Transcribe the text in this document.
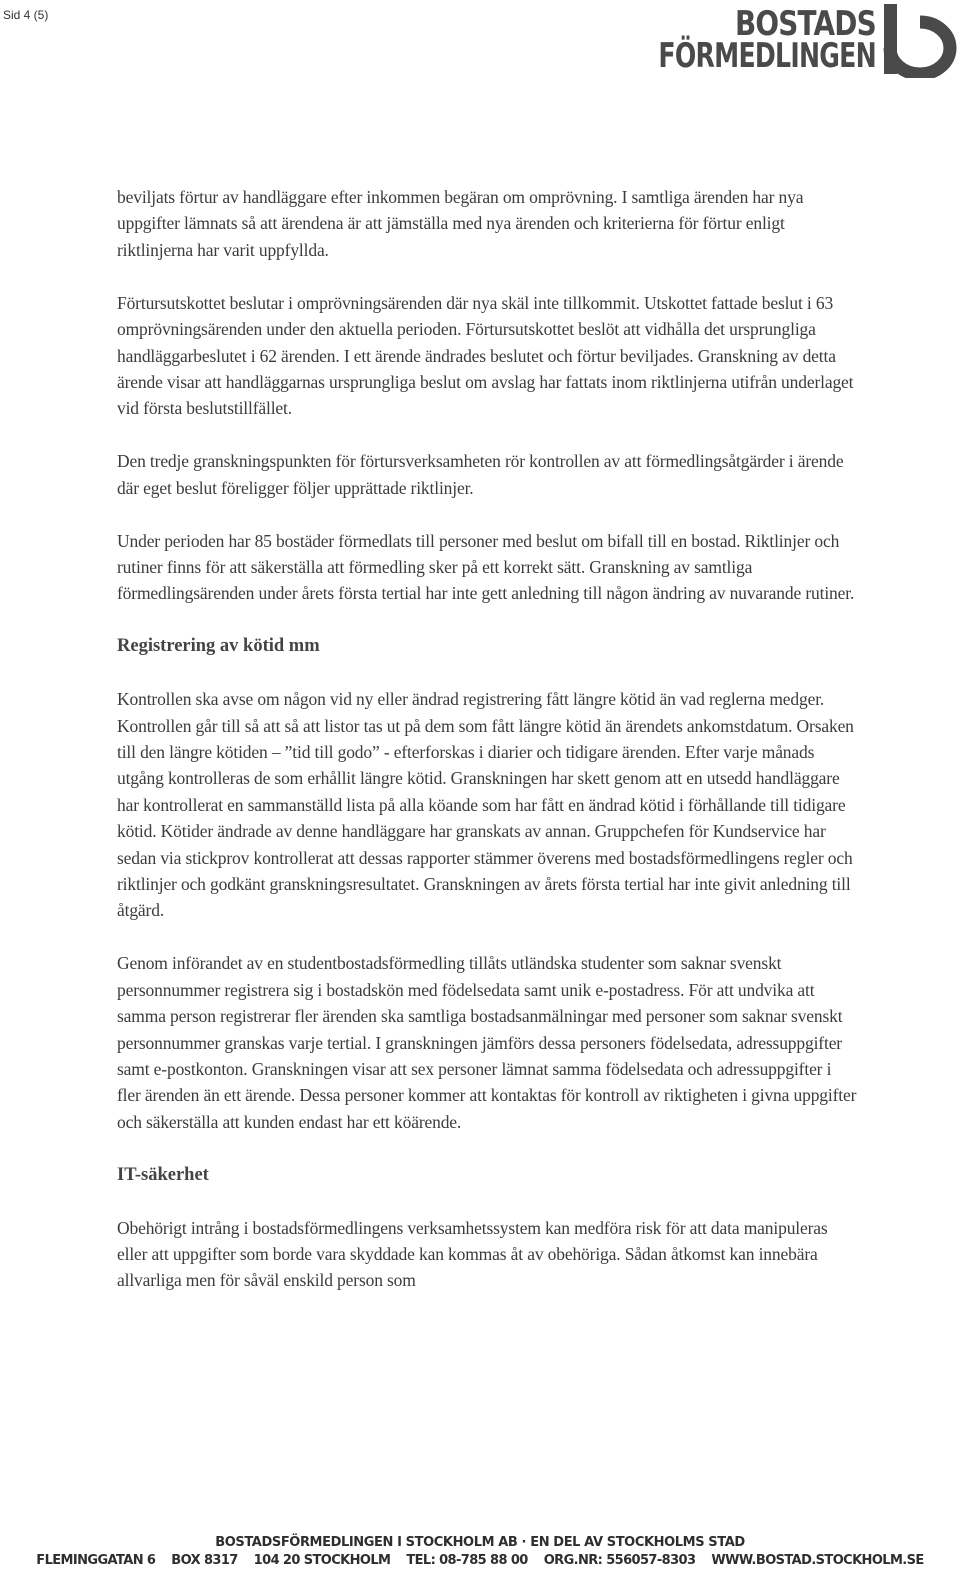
Sid 4 (5)	BOSTADS
FÖRMEDLINGEN

beviljats förtur av handläggare efter inkommen begäran om omprövning. I samtliga ärenden har nya uppgifter lämnats så att ärendena är att jämställa med nya ärenden och kriterierna för förtur enligt riktlinjerna har varit uppfyllda.

Förtursutskottet beslutar i omprövningsärenden där nya skäl inte tillkommit. Utskottet fattade beslut i 63 omprövningsärenden under den aktuella perioden. Förtursutskottet beslöt att vidhålla det ursprungliga handläggarbeslutet i 62 ärenden. I ett ärende ändrades beslutet och förtur beviljades. Granskning av detta ärende visar att handläggarnas ursprungliga beslut om avslag har fattats inom riktlinjerna utifrån underlaget vid första beslutstillfället.

Den tredje granskningspunkten för förtursverksamheten rör kontrollen av att förmedlingsåtgärder i ärende där eget beslut föreligger följer upprättade riktlinjer.

Under perioden har 85 bostäder förmedlats till personer med beslut om bifall till en bostad. Riktlinjer och rutiner finns för att säkerställa att förmedling sker på ett korrekt sätt. Granskning av samtliga förmedlingsärenden under årets första tertial har inte gett anledning till någon ändring av nuvarande rutiner.

Registrering av kötid mm

Kontrollen ska avse om någon vid ny eller ändrad registrering fått längre kötid än vad reglerna medger. Kontrollen går till så att så att listor tas ut på dem som fått längre kötid än ärendets ankomstdatum. Orsaken till den längre kötiden – ”tid till godo” - efterforskas i diarier och tidigare ärenden. Efter varje månads utgång kontrolleras de som erhållit längre kötid. Granskningen har skett genom att en utsedd handläggare har kontrollerat en sammanställd lista på alla köande som har fått en ändrad kötid i förhållande till tidigare kötid. Kötider ändrade av denne handläggare har granskats av annan. Gruppchefen för Kundservice har sedan via stickprov kontrollerat att dessas rapporter stämmer överens med bostadsförmedlingens regler och riktlinjer och godkänt granskningsresultatet. Granskningen av årets första tertial har inte givit anledning till åtgärd.

Genom införandet av en studentbostadsförmedling tillåts utländska studenter som saknar svenskt personnummer registrera sig i bostadskön med födelsedata samt unik e-postadress. För att undvika att samma person registrerar fler ärenden ska samtliga bostadsanmälningar med personer som saknar svenskt personnummer granskas varje tertial. I granskningen jämförs dessa personers födelsedata, adressuppgifter samt e-postkonton. Granskningen visar att sex personer lämnat samma födelsedata och adressuppgifter i fler ärenden än ett ärende. Dessa personer kommer att kontaktas för kontroll av riktigheten i givna uppgifter och säkerställa att kunden endast har ett köärende.

IT-säkerhet

Obehörigt intrång i bostadsförmedlingens verksamhetssystem kan medföra risk för att data manipuleras eller att uppgifter som borde vara skyddade kan kommas åt av obehöriga. Sådan åtkomst kan innebära allvarliga men för såväl enskild person som

BOSTADSFÖRMEDLINGEN I STOCKHOLM AB · EN DEL AV STOCKHOLMS STAD
FLEMINGGATAN 6 BOX 8317 104 20 STOCKHOLM TEL: 08-785 88 00 ORG.NR: 556057-8303 WWW.BOSTAD.STOCKHOLM.SE
